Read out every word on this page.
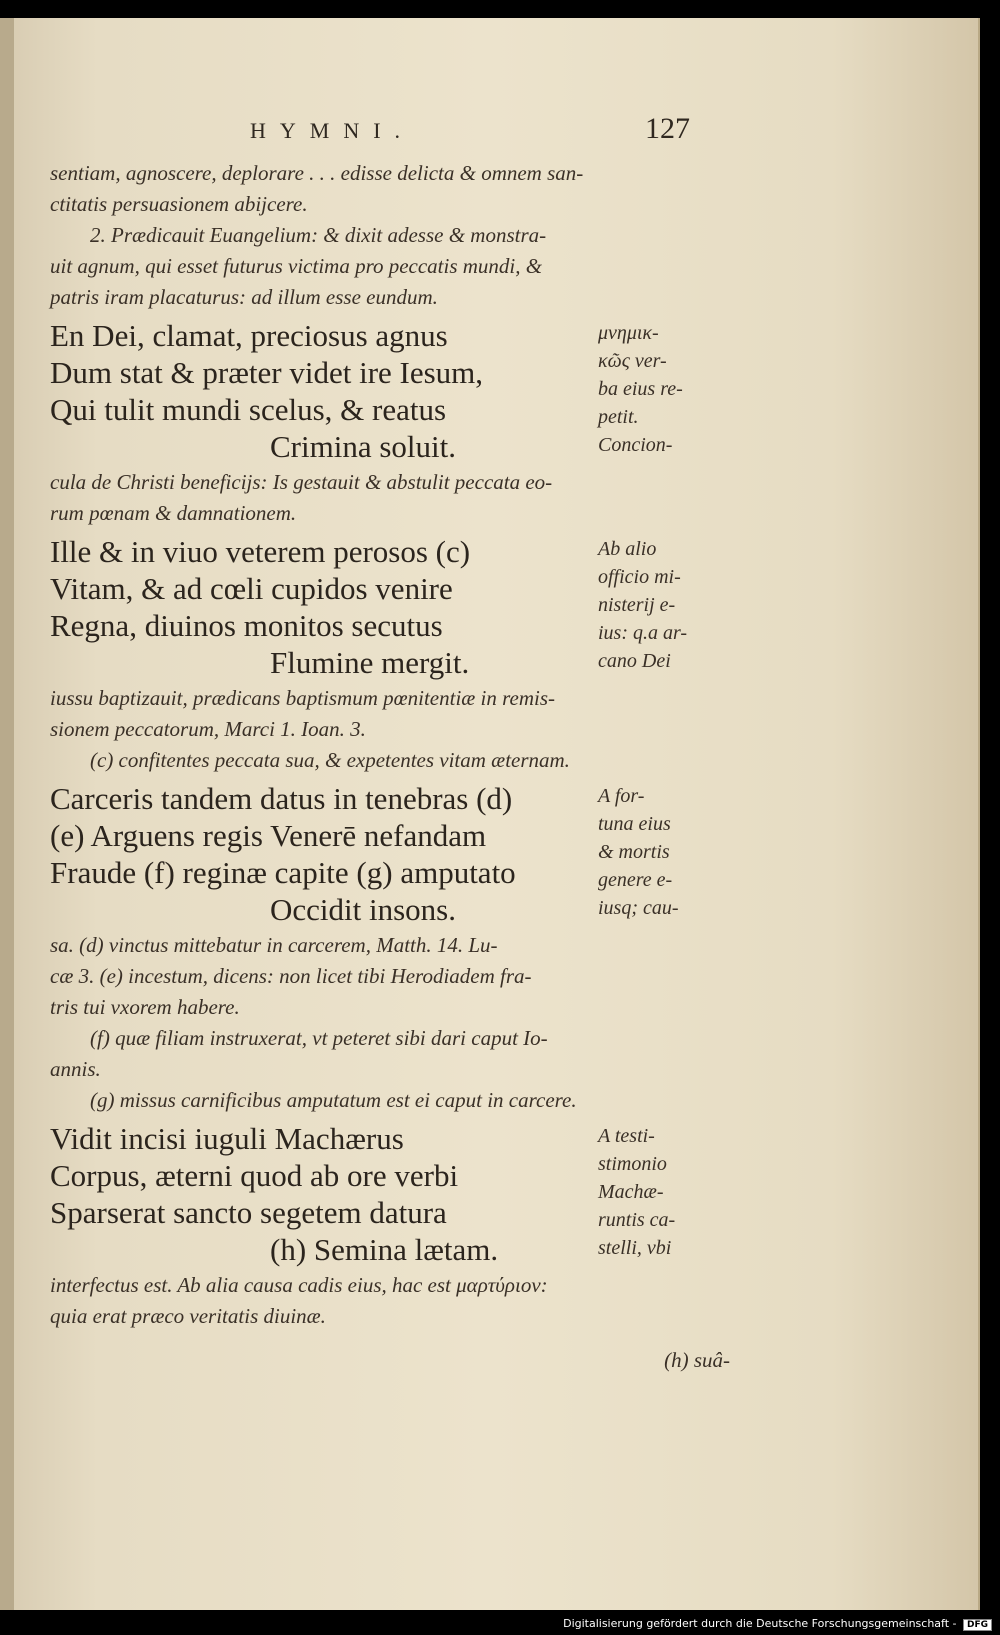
HYMNI.	127

sentiam, agnoscere, deplorare . . . edisse delicta & omnem san-

ctitatis persuasionem abijcere.

2. Prædicauit Euangelium: & dixit adesse & monstra-

uit agnum, qui esset futurus victima pro peccatis mundi, &

patris iram placaturus: ad illum esse eundum.

En Dei, clamat, preciosus agnus
Dum stat & præter videt ire Iesum,
Qui tulit mundi scelus, & reatus
Crimina soluit.
μνημικ-
κῶς ver-
ba eius re-
petit.
Concion-

cula de Christi beneficijs: Is gestauit & abstulit peccata eo-

rum pœnam & damnationem.

Ille & in viuo veterem perosos (c)
Vitam, & ad cœli cupidos venire
Regna, diuinos monitos secutus
Flumine mergit.
Ab alio
officio mi-
nisterij e-
ius: q.a ar-
cano Dei

iussu baptizauit, prædicans baptismum pœnitentiæ in remis-

sionem peccatorum, Marci 1. Ioan. 3.

(c) confitentes peccata sua, & expetentes vitam æternam.

Carceris tandem datus in tenebras (d)
(e) Arguens regis Venerē nefandam
Fraude (f) reginæ capite (g) amputato
Occidit insons.
A for-
tuna eius
& mortis
genere e-
iusq; cau-

sa. (d) vinctus mittebatur in carcerem, Matth. 14. Lu-

cæ 3. (e) incestum, dicens: non licet tibi Herodiadem fra-

tris tui vxorem habere.

(f) quæ filiam instruxerat, vt peteret sibi dari caput Io-

annis.

(g) missus carnificibus amputatum est ei caput in carcere.

Vidit incisi iuguli Machærus
Corpus, æterni quod ab ore verbi
Sparserat sancto segetem datura
(h) Semina lætam.
A testi-
stimonio
Machæ-
runtis ca-
stelli, vbi

interfectus est. Ab alia causa cadis eius, hac est μαρτύριον:

quia erat præco veritatis diuinæ.

(h) suâ-
Digitalisierung gefördert durch die Deutsche Forschungsgemeinschaft - DFG
